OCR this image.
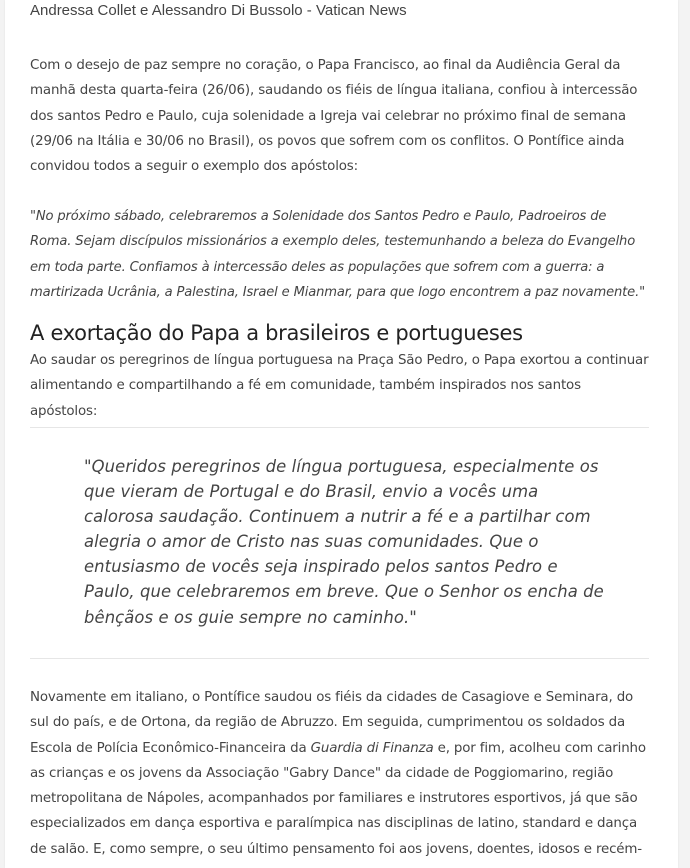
Andressa Collet e Alessandro Di Bussolo - Vatican News

Com o desejo de paz sempre no coração, o Papa Francisco, ao final da Audiência Geral da manhã desta quarta-feira (26/06), saudando os fiéis de língua italiana, confiou à intercessão dos santos Pedro e Paulo, cuja solenidade a Igreja vai celebrar no próximo final de semana (29/06 na Itália e 30/06 no Brasil), os povos que sofrem com os conflitos. O Pontífice ainda convidou todos a seguir o exemplo dos apóstolos:

"No próximo sábado, celebraremos a Solenidade dos Santos Pedro e Paulo, Padroeiros de Roma. Sejam discípulos missionários a exemplo deles, testemunhando a beleza do Evangelho em toda parte. Confiamos à intercessão deles as populações que sofrem com a guerra: a martirizada Ucrânia, a Palestina, Israel e Mianmar, para que logo encontrem a paz novamente."

A exortação do Papa a brasileiros e portugueses

Ao saudar os peregrinos de língua portuguesa na Praça São Pedro, o Papa exortou a continuar alimentando e compartilhando a fé em comunidade, também inspirados nos santos apóstolos:

"Queridos peregrinos de língua portuguesa, especialmente os que vieram de Portugal e do Brasil, envio a vocês uma calorosa saudação. Continuem a nutrir a fé e a partilhar com alegria o amor de Cristo nas suas comunidades. Que o entusiasmo de vocês seja inspirado pelos santos Pedro e Paulo, que celebraremos em breve. Que o Senhor os encha de bênçãos e os guie sempre no caminho."

Novamente em italiano, o Pontífice saudou os fiéis da cidades de Casagiove e Seminara, do sul do país, e de Ortona, da região de Abruzzo. Em seguida, cumprimentou os soldados da Escola de Polícia Econômico-Financeira da Guardia di Finanza e, por fim, acolheu com carinho as crianças e os jovens da Associação "Gabry Dance" da cidade de Poggiomarino, região metropolitana de Nápoles, acompanhados por familiares e instrutores esportivos, já que são especializados em dança esportiva e paralímpica nas disciplinas de latino, standard e dança de salão. E, como sempre, o seu último pensamento foi aos jovens, doentes, idosos e recém-
